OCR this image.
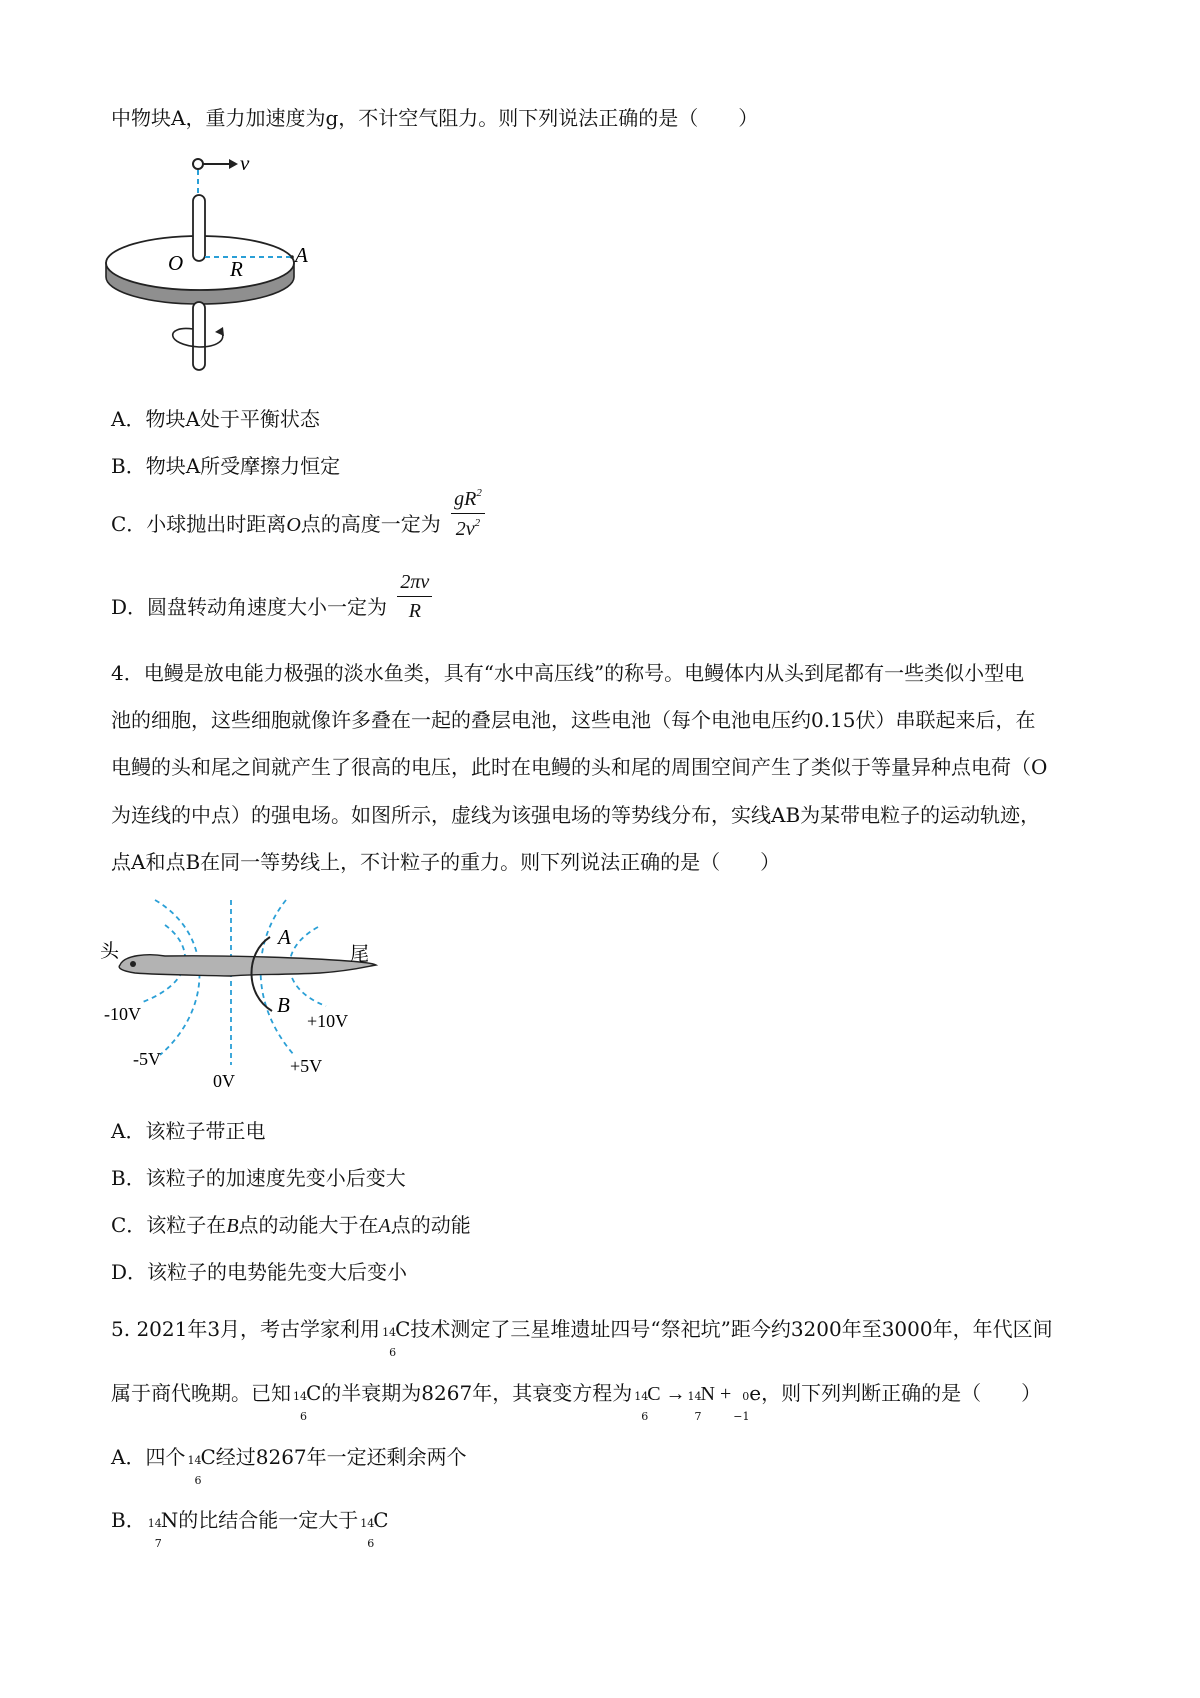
中物块A，重力加速度为g，不计空气阻力。则下列说法正确的是（　　）
v
O R
A
A．物块A处于平衡状态
B．物块A所受摩擦力恒定
C．小球抛出时距离O点的高度一定为 $\frac{gR^2}{2v^2}$
D．圆盘转动角速度大小一定为 $\frac{2\pi v}{R}$
4．电鳗是放电能力极强的淡水鱼类，具有“水中高压线”的称号。电鳗体内从头到尾都有一些类似小型电
池的细胞，这些细胞就像许多叠在一起的叠层电池，这些电池（每个电池电压约0.15伏）串联起来后，在
电鳗的头和尾之间就产生了很高的电压，此时在电鳗的头和尾的周围空间产生了类似于等量异种点电荷（O
为连线的中点）的强电场。如图所示，虚线为该强电场的等势线分布，实线AB为某带电粒子的运动轨迹，
点A和点B在同一等势线上，不计粒子的重力。则下列说法正确的是（　　）
A
B
头	尾
-10V
-5V
0V
+5V
+10V
A．该粒子带正电
B．该粒子的加速度先变小后变大
C．该粒子在B点的动能大于在A点的动能
D．该粒子的电势能先变大后变小
5. 2021年3月，考古学家利用 14
6
C技术测定了三星堆遗址四号“祭祀坑”距今约3200年至3000年，年代区间
属于商代晚期。已知 14
6
C的半衰期为8267年，其衰变方程为 14
6
C → 14
7
N +	0
−1
e，则下列判断正确的是（　　）
A．四个 14
6
C经过8267年一定还剩余两个
B． 14
7
N的比结合能一定大于 14
6
C
